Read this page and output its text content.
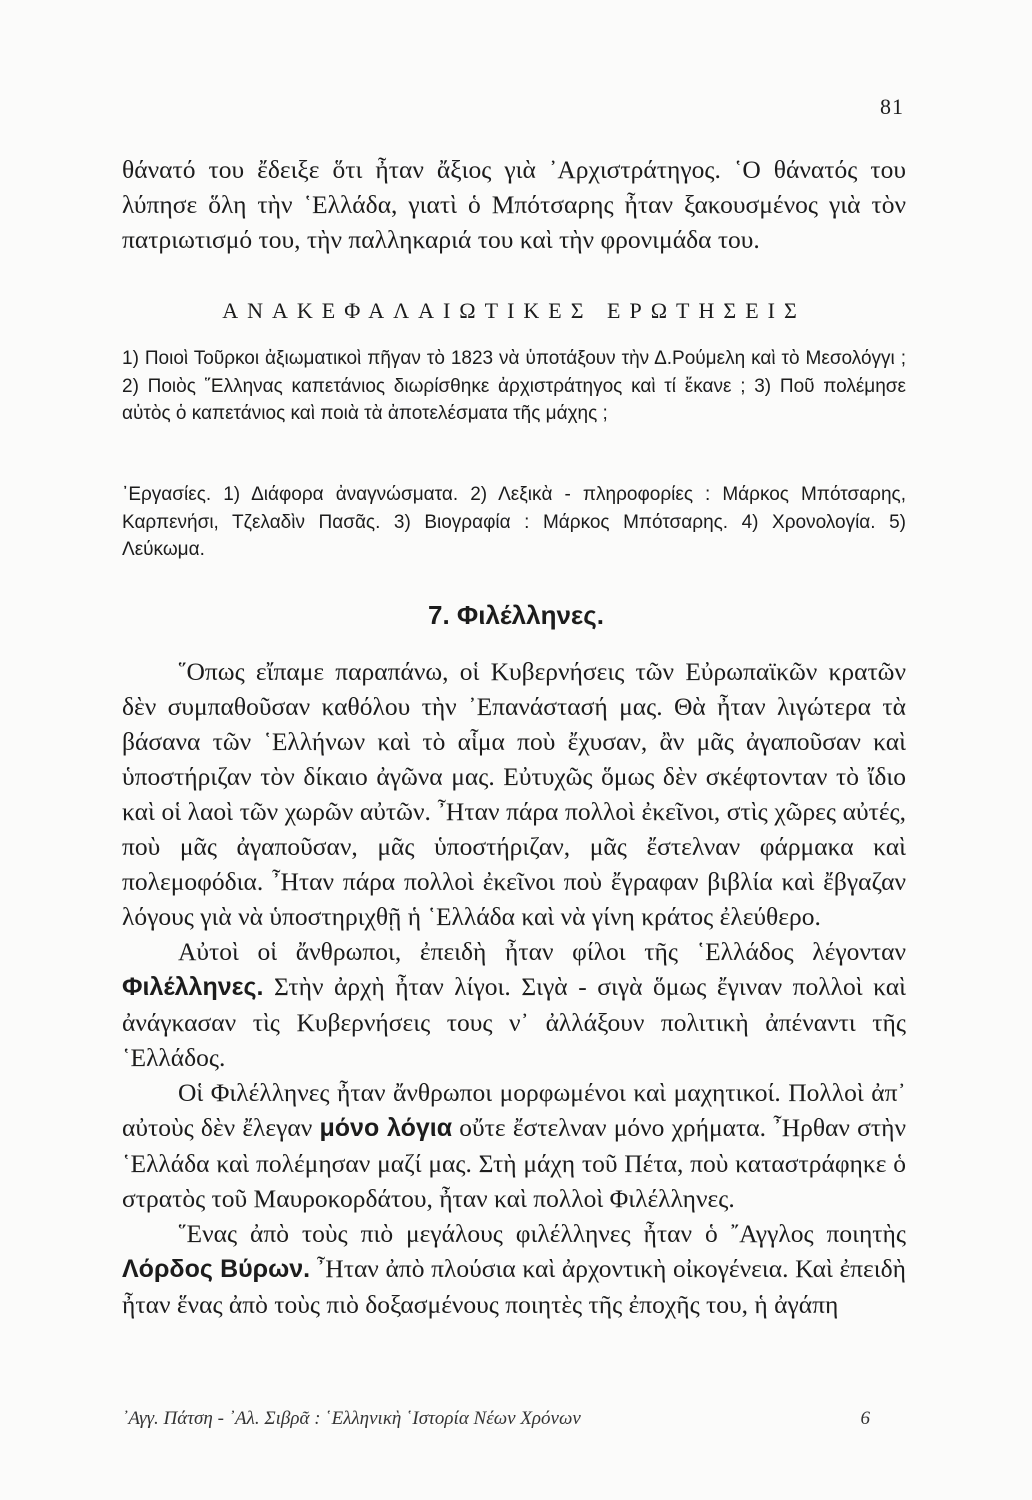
81

θάνατό του ἔδειξε ὅτι ἦταν ἄξιος γιὰ ᾿Αρχιστράτηγος. ῾Ο θάνατός του λύπησε ὅλη τὴν ῾Ελλάδα, γιατὶ ὁ Μπότσαρης ἦταν ξακουσμένος γιὰ τὸν πατριωτισμό του, τὴν παλληκαριά του καὶ τὴν φρονιμάδα του.

ΑΝΑΚΕΦΑΛΑΙΩΤΙΚΕΣ ΕΡΩΤΗΣΕΙΣ

1) Ποιοὶ Τοῦρκοι ἀξιωματικοὶ πῆγαν τὸ 1823 νὰ ὑποτάξουν τὴν Δ.Ρούμελη καὶ τὸ Μεσολόγγι ; 2) Ποιὸς ῞Ελληνας καπετάνιος διωρίσθηκε ἀρχιστράτηγος καὶ τί ἔκανε ; 3) Ποῦ πολέμησε αὐτὸς ὁ καπετάνιος καὶ ποιὰ τὰ ἀποτελέσματα τῆς μάχης ;

᾿Εργασίες. 1) Διάφορα ἀναγνώσματα. 2) Λεξικὰ - πληροφορίες : Μάρκος Μπότσαρης, Καρπενήσι, Τζελαδὶν Πασᾶς. 3) Βιογραφία : Μάρκος Μπότσαρης. 4) Χρονολογία. 5) Λεύκωμα.

7. Φιλέλληνες.

῞Οπως εἴπαμε παραπάνω, οἱ Κυβερνήσεις τῶν Εὐρωπαϊκῶν κρατῶν δὲν συμπαθοῦσαν καθόλου τὴν ᾿Επανάστασή μας. Θὰ ἦταν λιγώτερα τὰ βάσανα τῶν ῾Ελλήνων καὶ τὸ αἷμα ποὺ ἔχυσαν, ἂν μᾶς ἀγαποῦσαν καὶ ὑποστήριζαν τὸν δίκαιο ἀγῶνα μας. Εὐτυχῶς ὅμως δὲν σκέφτονταν τὸ ἴδιο καὶ οἱ λαοὶ τῶν χωρῶν αὐτῶν. ῏Ηταν πάρα πολλοὶ ἐκεῖνοι, στὶς χῶρες αὐτές, ποὺ μᾶς ἀγαποῦσαν, μᾶς ὑποστήριζαν, μᾶς ἔστελναν φάρμακα καὶ πολεμοφόδια. ῏Ηταν πάρα πολλοὶ ἐκεῖνοι ποὺ ἔγραφαν βιβλία καὶ ἔβγαζαν λόγους γιὰ νὰ ὑποστηριχθῇ ἡ ῾Ελλάδα καὶ νὰ γίνη κράτος ἐλεύθερο.

Αὐτοὶ οἱ ἄνθρωποι, ἐπειδὴ ἦταν φίλοι τῆς ῾Ελλάδος λέγονταν Φιλέλληνες. Στὴν ἀρχὴ ἦταν λίγοι. Σιγὰ - σιγὰ ὅμως ἔγιναν πολλοὶ καὶ ἀνάγκασαν τὶς Κυβερνήσεις τους ν᾿ ἀλλάξουν πολιτικὴ ἀπέναντι τῆς ῾Ελλάδος.

Οἱ Φιλέλληνες ἦταν ἄνθρωποι μορφωμένοι καὶ μαχητικοί. Πολλοὶ ἀπ᾿ αὐτοὺς δὲν ἔλεγαν μόνο λόγια οὔτε ἔστελναν μόνο χρήματα. ῏Ηρθαν στὴν ῾Ελλάδα καὶ πολέμησαν μαζί μας. Στὴ μάχη τοῦ Πέτα, ποὺ καταστράφηκε ὁ στρατὸς τοῦ Μαυροκορδάτου, ἦταν καὶ πολλοὶ Φιλέλληνες.

῞Ενας ἀπὸ τοὺς πιὸ μεγάλους φιλέλληνες ἦταν ὁ ῎Αγγλος ποιητὴς Λόρδος Βύρων. ῏Ηταν ἀπὸ πλούσια καὶ ἀρχοντικὴ οἰκογένεια. Καὶ ἐπειδὴ ἦταν ἕνας ἀπὸ τοὺς πιὸ δοξασμένους ποιητὲς τῆς ἐποχῆς του, ἡ ἀγάπη

᾿Αγγ. Πάτση - ᾿Αλ. Σιβρᾶ : ῾Ελληνικὴ ῾Ιστορία Νέων Χρόνων	6
